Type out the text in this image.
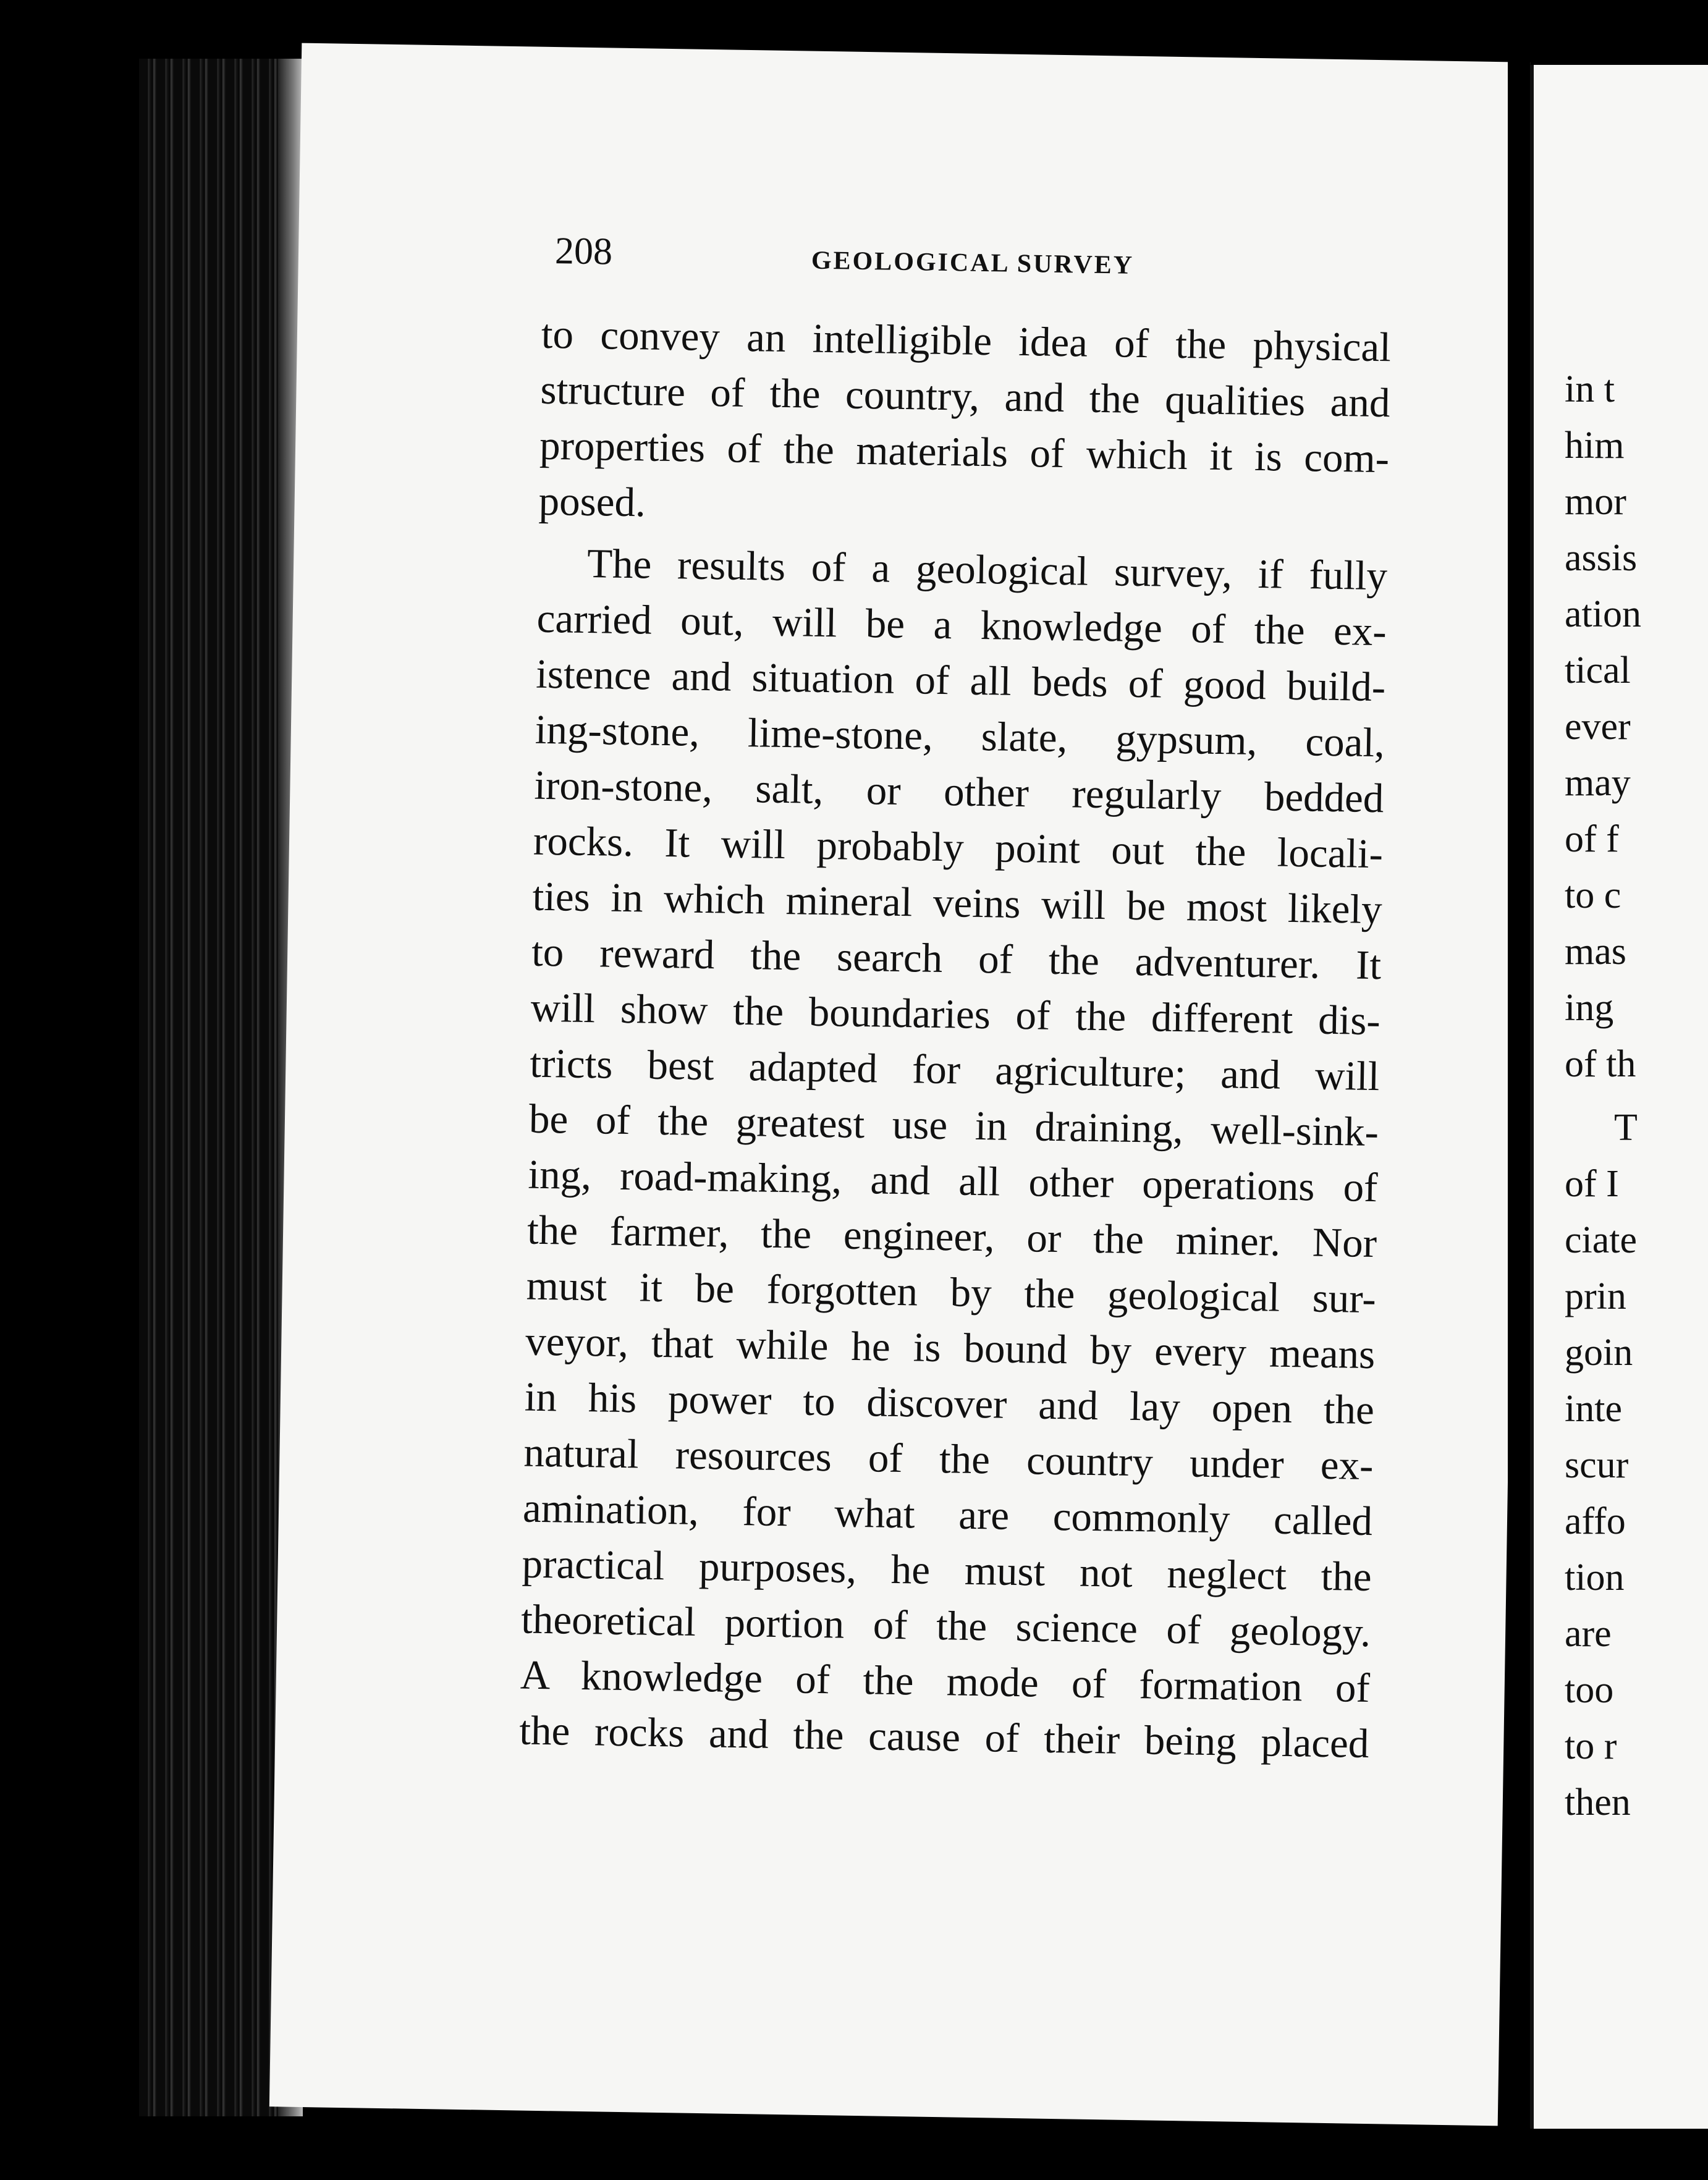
208	GEOLOGICAL SURVEY
to convey an intelligible idea of the physical
structure of the country, and the qualities and
properties of the materials of which it is com-
posed.
The results of a geological survey, if fully
carried out, will be a knowledge of the ex-
istence and situation of all beds of good build-
ing-stone, lime-stone, slate, gypsum, coal,
iron-stone, salt, or other regularly bedded
rocks. It will probably point out the locali-
ties in which mineral veins will be most likely
to reward the search of the adventurer. It
will show the boundaries of the different dis-
tricts best adapted for agriculture; and will
be of the greatest use in draining, well-sink-
ing, road-making, and all other operations of
the farmer, the engineer, or the miner. Nor
must it be forgotten by the geological sur-
veyor, that while he is bound by every means
in his power to discover and lay open the
natural resources of the country under ex-
amination, for what are commonly called
practical purposes, he must not neglect the
theoretical portion of the science of geology.
A knowledge of the mode of formation of
the rocks and the cause of their being placed
in t
him
mor
assis
ation
tical
ever
may
of f
to c
mas
ing
of th
T
of I
ciate
prin
goin
inte
scur
affo
tion
are
too
to r
then
